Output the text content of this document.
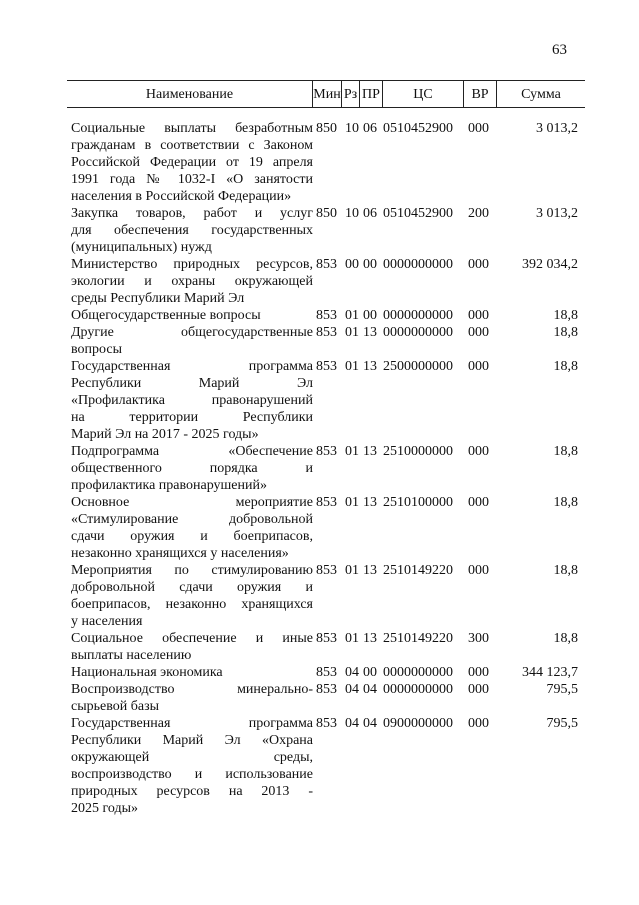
63
Наименование	Мин Рз ПР	ЦС	ВР	Сумма
Социальные выплаты безработным
гражданам в соответствии с Законом
Российской Федерации от 19 апреля
1991 года № 1032-I «О занятости
населения в Российской Федерации»
850 10 06 0510452900 000	3 013,2
Закупка товаров, работ и услуг
для обеспечения государственных
(муниципальных) нужд
850 10 06 0510452900 200	3 013,2
Министерство природных ресурсов,
экологии и охраны окружающей
среды Республики Марий Эл
853 00 00 0000000000 000 392 034,2
Общегосударственные вопросы	853 01 00 0000000000 000	18,8
Другие общегосударственные
вопросы
853 01 13 0000000000 000	18,8
Государственная программа
Республики Марий Эл
«Профилактика правонарушений
на территории Республики
Марий Эл на 2017 - 2025 годы»
853 01 13 2500000000 000	18,8
Подпрограмма «Обеспечение
общественного порядка и
профилактика правонарушений»
853 01 13 2510000000 000	18,8
Основное мероприятие
«Стимулирование добровольной
сдачи оружия и боеприпасов,
незаконно хранящихся у населения»
853 01 13 2510100000 000	18,8
Мероприятия по стимулированию
добровольной сдачи оружия и
боеприпасов, незаконно хранящихся
у населения
853 01 13 2510149220 000	18,8
Социальное обеспечение и иные
выплаты населению
853 01 13 2510149220 300	18,8
Национальная экономика	853 04 00 0000000000 000 344 123,7
Воспроизводство минерально-
сырьевой базы
853 04 04 0000000000 000	795,5
Государственная программа
Республики Марий Эл «Охрана
окружающей среды,
воспроизводство и использование
природных ресурсов на 2013 -
2025 годы»
853 04 04 0900000000 000	795,5
